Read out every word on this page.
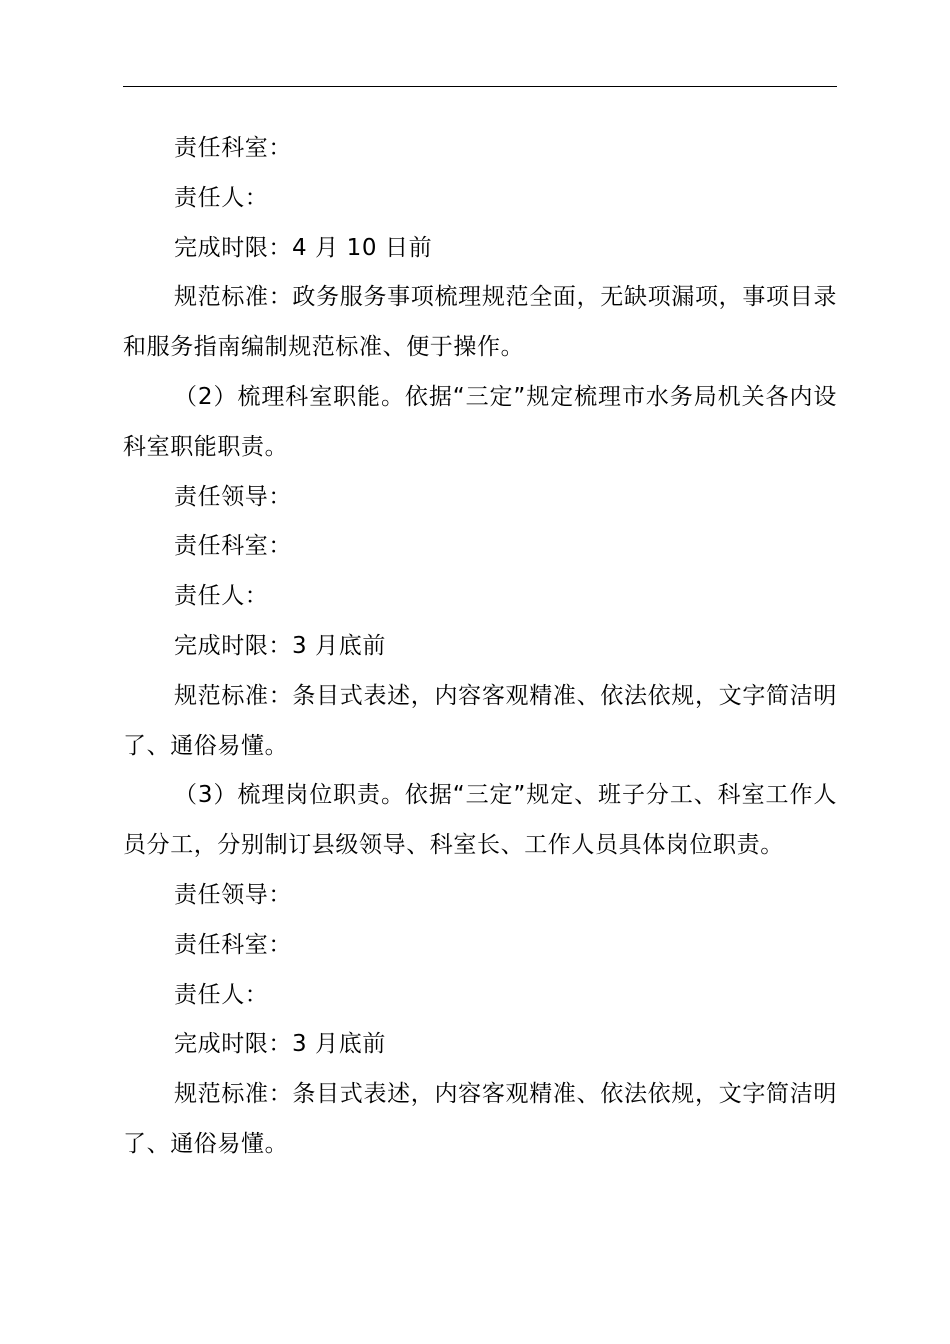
责任科室：

责任人：

完成时限：4 月 10 日前

规范标准：政务服务事项梳理规范全面，无缺项漏项，事项目录和服务指南编制规范标准、便于操作。

（2）梳理科室职能。依据“三定”规定梳理市水务局机关各内设科室职能职责。

责任领导：

责任科室：

责任人：

完成时限：3 月底前

规范标准：条目式表述，内容客观精准、依法依规，文字简洁明了、通俗易懂。

（3）梳理岗位职责。依据“三定”规定、班子分工、科室工作人员分工，分别制订县级领导、科室长、工作人员具体岗位职责。

责任领导：

责任科室：

责任人：

完成时限：3 月底前

规范标准：条目式表述，内容客观精准、依法依规，文字简洁明了、通俗易懂。
